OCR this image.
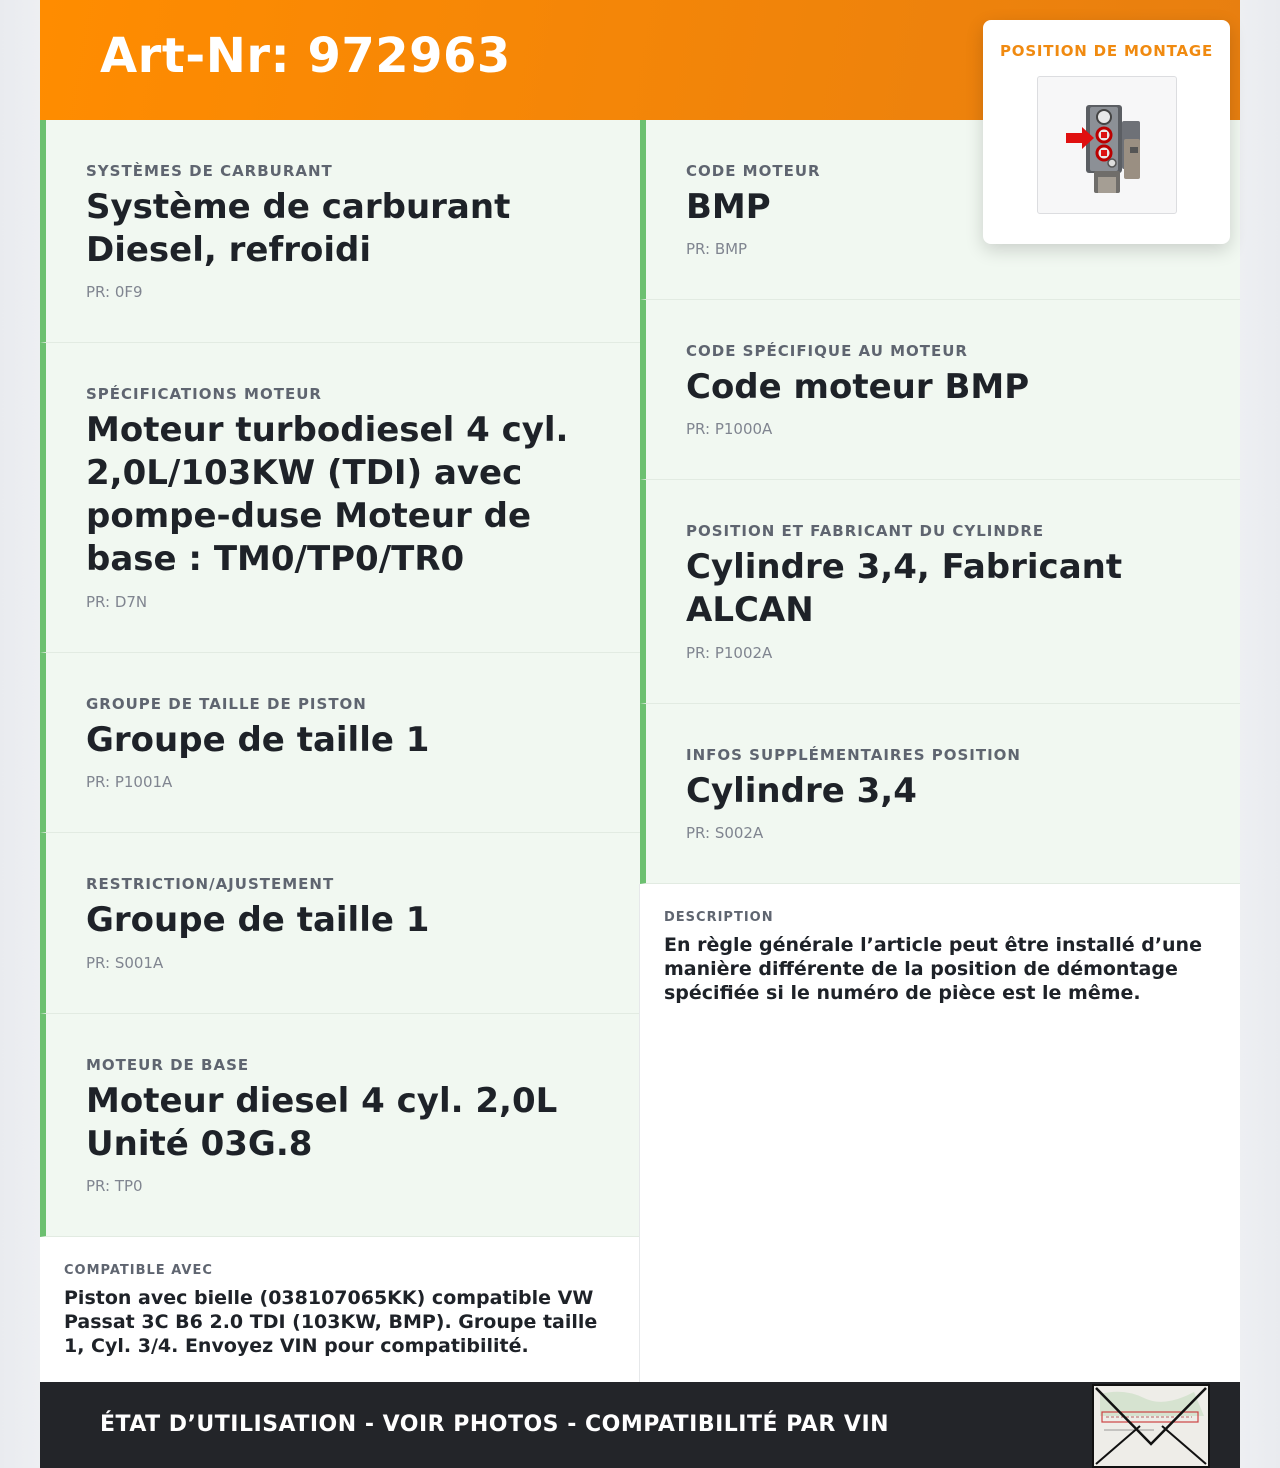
Art-Nr: 972963	POSITION DE MONTAGE
SYSTÈMES DE CARBURANT
Système de carburant Diesel, refroidi
PR: 0F9
SPÉCIFICATIONS MOTEUR
Moteur turbodiesel 4 cyl. 2,0L/103KW (TDI) avec pompe-duse Moteur de base : TM0/TP0/TR0
PR: D7N
GROUPE DE TAILLE DE PISTON
Groupe de taille 1
PR: P1001A
RESTRICTION/AJUSTEMENT
Groupe de taille 1
PR: S001A
MOTEUR DE BASE
Moteur diesel 4 cyl. 2,0L Unité 03G.8
PR: TP0
CODE MOTEUR
BMP
PR: BMP
CODE SPÉCIFIQUE AU MOTEUR
Code moteur BMP
PR: P1000A
POSITION ET FABRICANT DU CYLINDRE
Cylindre 3,4, Fabricant ALCAN
PR: P1002A
INFOS SUPPLÉMENTAIRES POSITION
Cylindre 3,4
PR: S002A
COMPATIBLE AVEC
Piston avec bielle (038107065KK) compatible VW Passat 3C B6 2.0 TDI (103KW, BMP). Groupe taille 1, Cyl. 3/4. Envoyez VIN pour compatibilité.
DESCRIPTION
En règle générale l’article peut être installé d’une manière différente de la position de démontage spécifiée si le numéro de pièce est le même.
ÉTAT D’UTILISATION - VOIR PHOTOS - COMPATIBILITÉ PAR VIN
